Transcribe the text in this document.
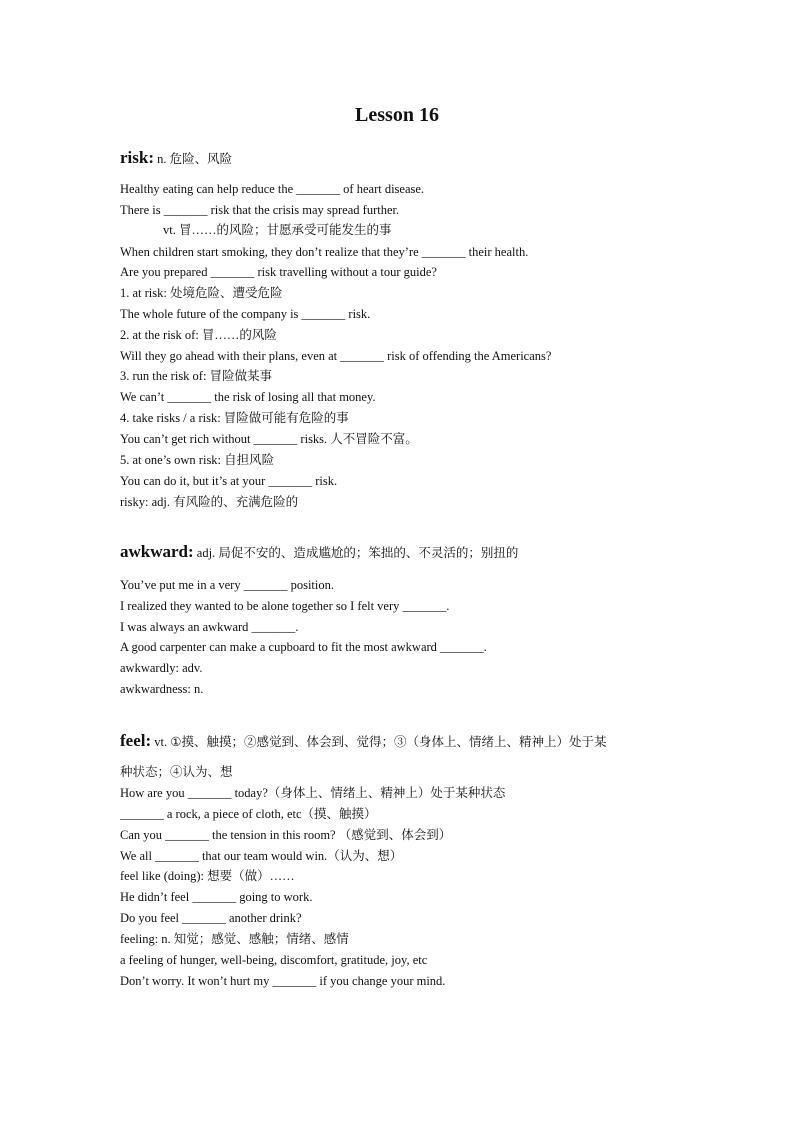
Lesson 16
risk: n. 危险、风险
Healthy eating can help reduce the _______ of heart disease.
There is _______ risk that the crisis may spread further.
vt. 冒……的风险；甘愿承受可能发生的事
When children start smoking, they don’t realize that they’re _______ their health.
Are you prepared _______ risk travelling without a tour guide?
1. at risk: 处境危险、遭受危险
The whole future of the company is _______ risk.
2. at the risk of: 冒……的风险
Will they go ahead with their plans, even at _______ risk of offending the Americans?
3. run the risk of: 冒险做某事
We can’t _______ the risk of losing all that money.
4. take risks / a risk: 冒险做可能有危险的事
You can’t get rich without _______ risks. 人不冒险不富。
5. at one’s own risk: 自担风险
You can do it, but it’s at your _______ risk.
risky: adj. 有风险的、充满危险的
awkward: adj. 局促不安的、造成尴尬的；笨拙的、不灵活的；别扭的
You’ve put me in a very _______ position.
I realized they wanted to be alone together so I felt very _______.
I was always an awkward _______.
A good carpenter can make a cupboard to fit the most awkward _______.
awkwardly: adv.
awkwardness: n.
feel: vt. ①摸、触摸；②感觉到、体会到、觉得；③（身体上、情绪上、精神上）处于某
种状态；④认为、想
How are you _______ today?（身体上、情绪上、精神上）处于某种状态
_______ a rock, a piece of cloth, etc（摸、触摸）
Can you _______ the tension in this room? （感觉到、体会到）
We all _______ that our team would win.（认为、想）
feel like (doing): 想要（做）……
He didn’t feel _______ going to work.
Do you feel _______ another drink?
feeling: n. 知觉；感觉、感触；情绪、感情
a feeling of hunger, well-being, discomfort, gratitude, joy, etc
Don’t worry. It won’t hurt my _______ if you change your mind.
